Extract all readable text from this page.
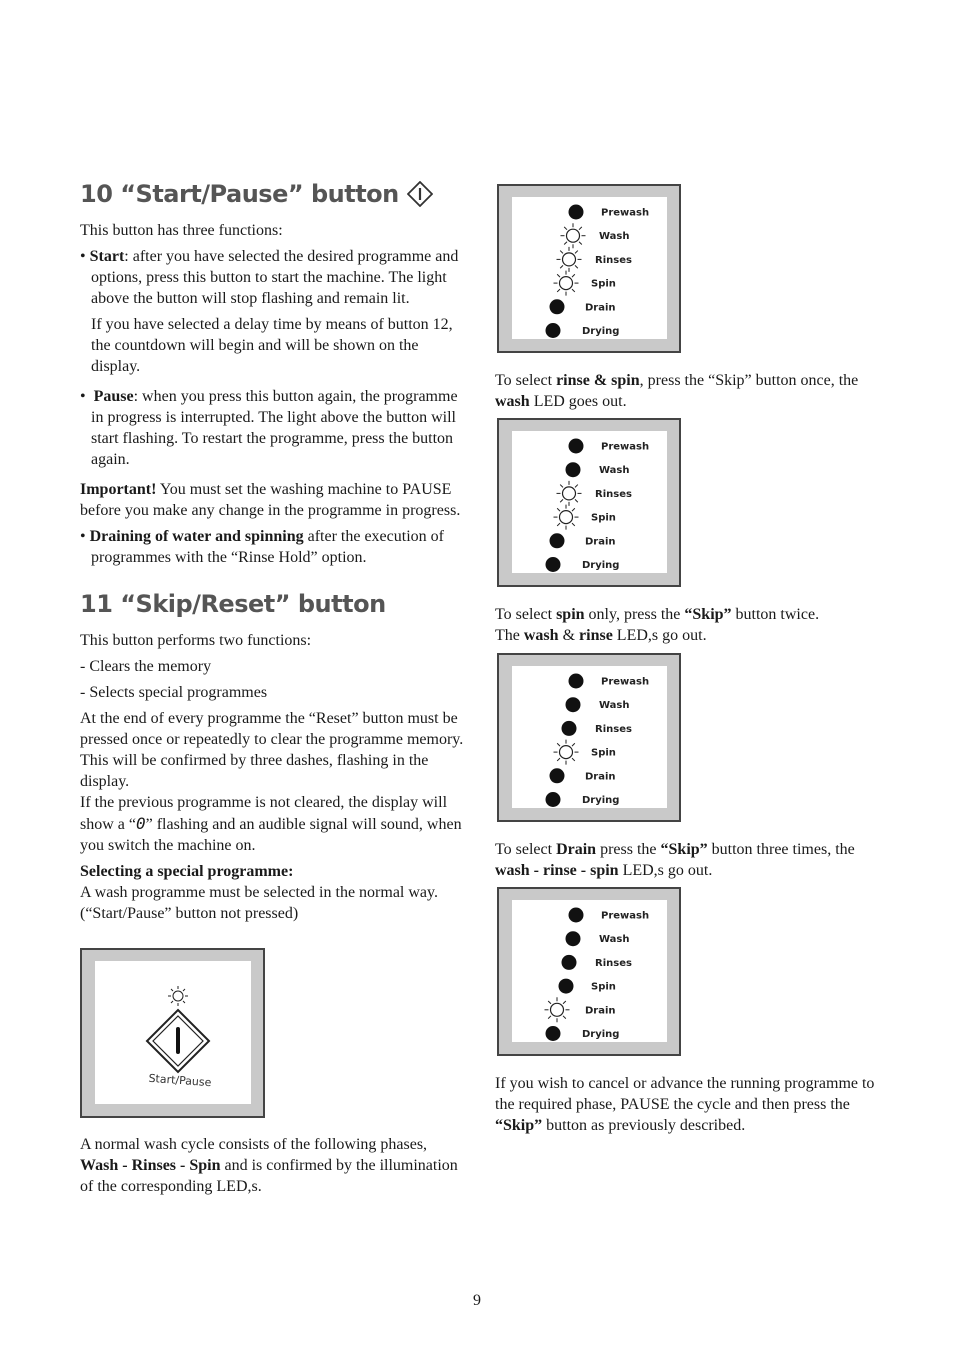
10 “Start/Pause” button

This button has three functions:

• Start: after you have selected the desired programme and options, press this button to start the machine. The light above the button will stop flashing and remain lit.

If you have selected a delay time by means of button 12, the countdown will begin and will be shown on the display.

•  Pause: when you press this button again, the programme in progress is interrupted. The light above the button will start flashing. To restart the programme, press the button again.

Important! You must set the washing machine to PAUSE before you make any change in the programme in progress.

• Draining of water and spinning after the execution of programmes with the “Rinse Hold” option.

11 “Skip/Reset” button

This button performs two functions:

- Clears the memory

- Selects special programmes

At the end of every programme the “Reset” button must be pressed once or repeatedly to clear the programme memory. This will be confirmed by three dashes, flashing in the display.

If the previous programme is not cleared, the display will show a “0” flashing and an audible signal will sound, when you switch the machine on.

Selecting a special programme:

A wash programme must be selected in the normal way. (“Start/Pause” button not pressed)

Start/Pause

A normal wash cycle consists of the following phases, Wash - Rinses - Spin and is confirmed by the illumination of the corresponding LED,s.

Prewash
Wash
Rinses
Spin
Drain
Drying

To select rinse & spin, press the “Skip” button once, the wash LED goes out.

Prewash
Wash
Rinses
Spin
Drain
Drying

To select spin only, press the “Skip” button twice.
The wash & rinse LED,s go out.

Prewash
Wash
Rinses
Spin
Drain
Drying

To select Drain press the “Skip” button three times, the wash - rinse - spin LED,s go out.

Prewash
Wash
Rinses
Spin
Drain
Drying

If you wish to cancel or advance the running programme to the required phase, PAUSE the cycle and then press the “Skip” button as previously described.

9
